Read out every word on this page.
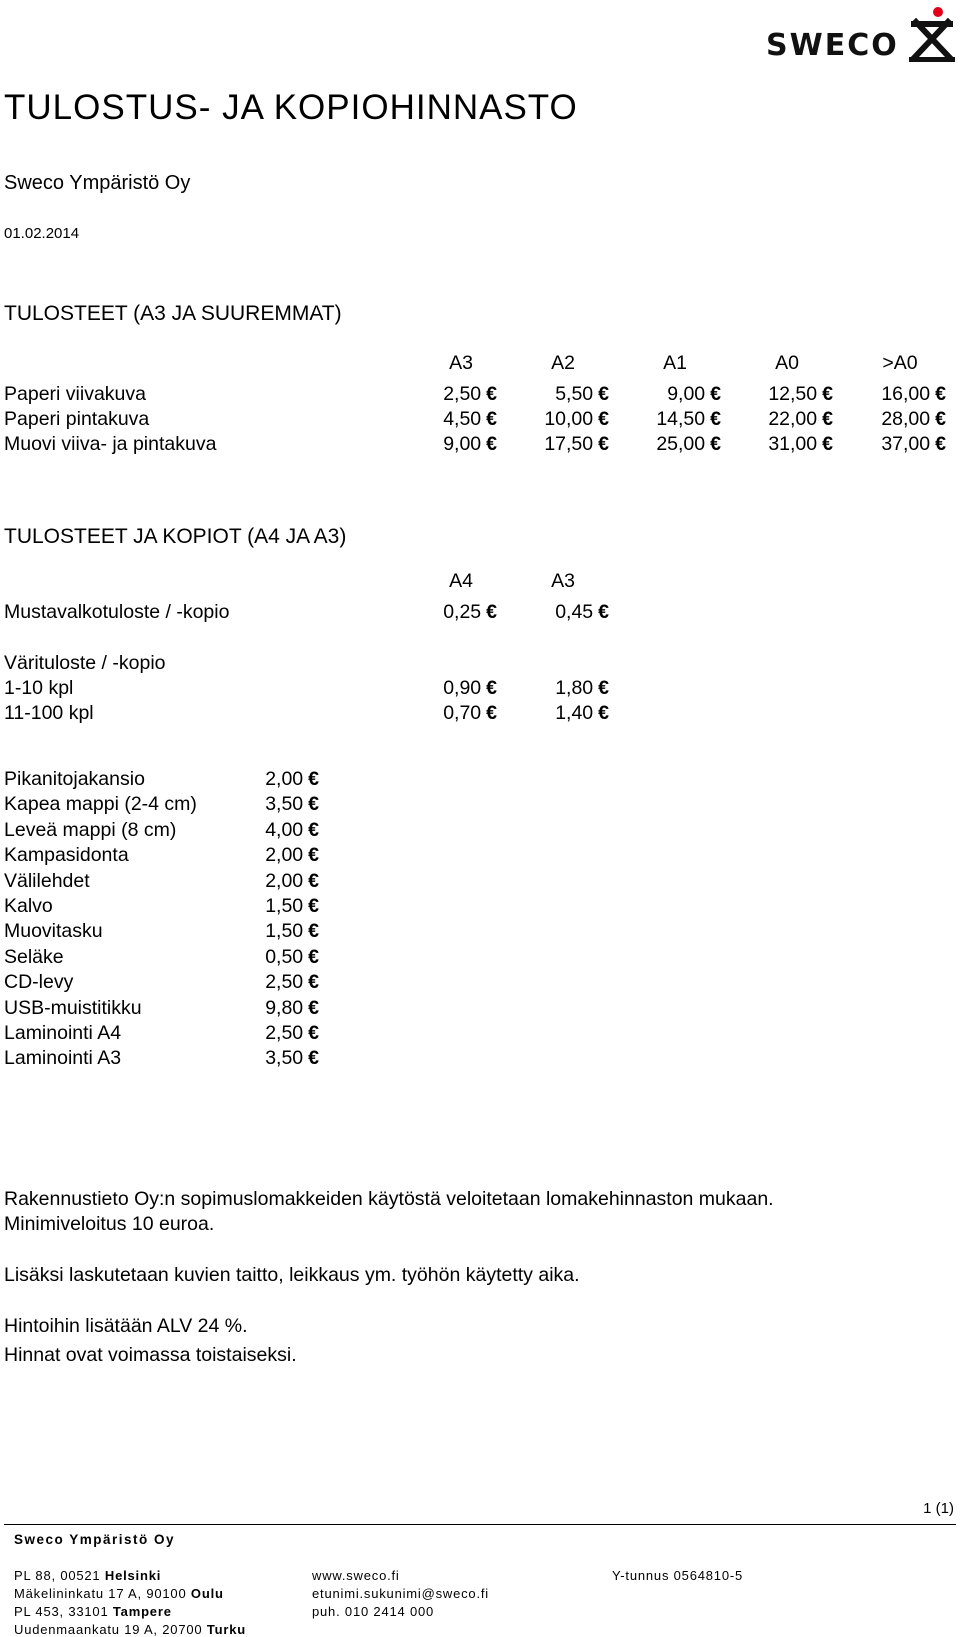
SWECO
TULOSTUS- JA KOPIOHINNASTO
Sweco Ympäristö Oy
01.02.2014
TULOSTEET (A3 JA SUUREMMAT)
A3	A2	A1	A0	>A0
Paperi viivakuva	2,50 €	5,50 €	9,00 € 12,50 € 16,00 €
Paperi pintakuva	4,50 € 10,00 € 14,50 € 22,00 € 28,00 €
Muovi viiva- ja pintakuva	9,00 € 17,50 € 25,00 € 31,00 € 37,00 €
TULOSTEET JA KOPIOT (A4 JA A3)
A4	A3
Mustavalkotuloste / -kopio	0,25 €	0,45 €
Värituloste / -kopio
1-10 kpl	0,90 €	1,80 €
11-100 kpl	0,70 €	1,40 €
Pikanitojakansio	2,00 €
Kapea mappi (2-4 cm)	3,50 €
Leveä mappi (8 cm)	4,00 €
Kampasidonta	2,00 €
Välilehdet	2,00 €
Kalvo	1,50 €
Muovitasku	1,50 €
Seläke	0,50 €
CD-levy	2,50 €
USB-muistitikku	9,80 €
Laminointi A4	2,50 €
Laminointi A3	3,50 €
Rakennustieto Oy:n sopimuslomakkeiden käytöstä veloitetaan lomakehinnaston mukaan.
Minimiveloitus 10 euroa.
Lisäksi laskutetaan kuvien taitto, leikkaus ym. työhön käytetty aika.
Hintoihin lisätään ALV 24 %.
Hinnat ovat voimassa toistaiseksi.
1 (1)
Sweco Ympäristö Oy
PL 88, 00521 Helsinki
Mäkelininkatu 17 A, 90100 Oulu
PL 453, 33101 Tampere
Uudenmaankatu 19 A, 20700 Turku
www.sweco.fi
etunimi.sukunimi@sweco.fi
puh. 010 2414 000
Y-tunnus 0564810-5
